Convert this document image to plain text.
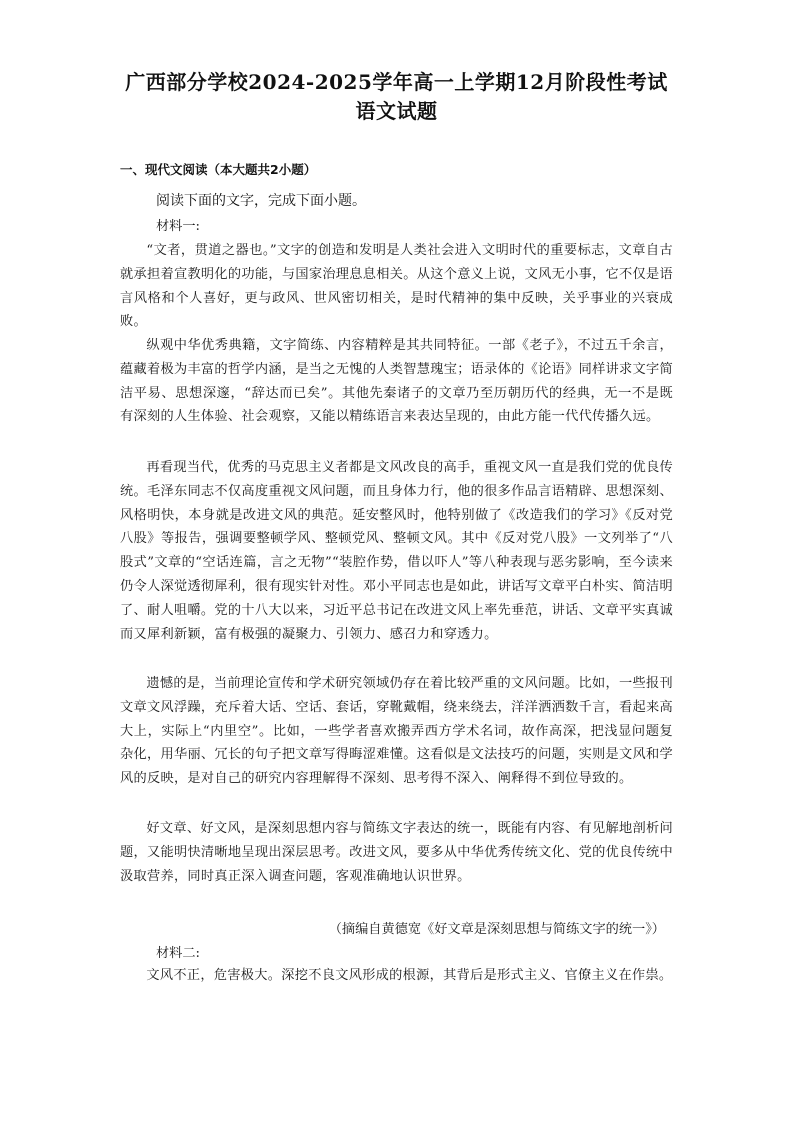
广西部分学校2024-2025学年高一上学期12月阶段性考试
语文试题

一、现代文阅读（本大题共2小题）

阅读下面的文字，完成下面小题。

材料一:

“文者，贯道之器也。”文字的创造和发明是人类社会进入文明时代的重要标志，文章自古就承担着宣教明化的功能，与国家治理息息相关。从这个意义上说，文风无小事，它不仅是语言风格和个人喜好，更与政风、世风密切相关，是时代精神的集中反映，关乎事业的兴衰成败。

纵观中华优秀典籍，文字简练、内容精粹是其共同特征。一部《老子》，不过五千余言，蕴藏着极为丰富的哲学内涵，是当之无愧的人类智慧瑰宝；语录体的《论语》同样讲求文字简洁平易、思想深邃，“辞达而已矣”。其他先秦诸子的文章乃至历朝历代的经典，无一不是既有深刻的人生体验、社会观察，又能以精练语言来表达呈现的，由此方能一代代传播久远。

再看现当代，优秀的马克思主义者都是文风改良的高手，重视文风一直是我们党的优良传统。毛泽东同志不仅高度重视文风问题，而且身体力行，他的很多作品言语精辟、思想深刻、风格明快，本身就是改进文风的典范。延安整风时，他特别做了《改造我们的学习》《反对党八股》等报告，强调要整顿学风、整顿党风、整顿文风。其中《反对党八股》一文列举了“八股式”文章的“空话连篇，言之无物”“装腔作势，借以吓人”等八种表现与恶劣影响，至今读来仍令人深觉透彻犀利，很有现实针对性。邓小平同志也是如此，讲话写文章平白朴实、简洁明了、耐人咀嚼。党的十八大以来，习近平总书记在改进文风上率先垂范，讲话、文章平实真诚而又犀利新颖，富有极强的凝聚力、引领力、感召力和穿透力。

遗憾的是，当前理论宣传和学术研究领域仍存在着比较严重的文风问题。比如，一些报刊文章文风浮躁，充斥着大话、空话、套话，穿靴戴帽，绕来绕去，洋洋洒洒数千言，看起来高大上，实际上“内里空”。比如，一些学者喜欢搬弄西方学术名词，故作高深，把浅显问题复杂化，用华丽、冗长的句子把文章写得晦涩难懂。这看似是文法技巧的问题，实则是文风和学风的反映，是对自己的研究内容理解得不深刻、思考得不深入、阐释得不到位导致的。

好文章、好文风，是深刻思想内容与简练文字表达的统一，既能有内容、有见解地剖析问题，又能明快清晰地呈现出深层思考。改进文风，要多从中华优秀传统文化、党的优良传统中汲取营养，同时真正深入调查问题，客观准确地认识世界。

（摘编自黄德宽《好文章是深刻思想与简练文字的统一》）

材料二:

文风不正，危害极大。深挖不良文风形成的根源，其背后是形式主义、官僚主义在作祟。
